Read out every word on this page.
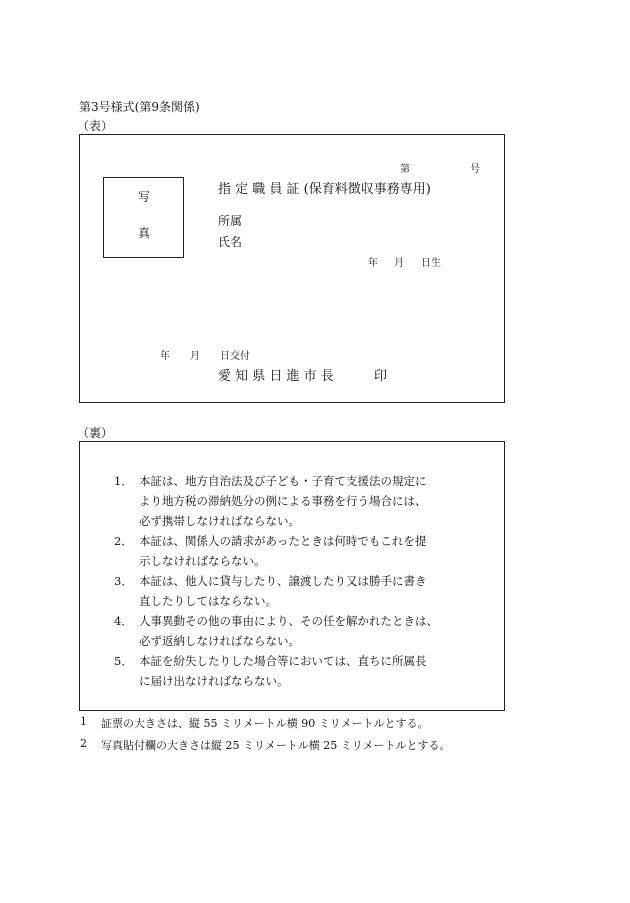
第3号様式(第9条関係)
（表）
第	号
写
真
指 定 職 員 証 (保育料徴収事務専用)
所属
氏名
年 月 日生
年 月 日交付
愛 知 県 日 進 市 長	印
（裏）
1． 本証は、地方自治法及び子ども・子育て支援法の規定に
より地方税の滞納処分の例による事務を行う場合には、
必ず携帯しなければならない。
2． 本証は、関係人の請求があったときは何時でもこれを提
示しなければならない。
3． 本証は、他人に貸与したり、譲渡したり又は勝手に書き
直したりしてはならない。
4． 人事異動その他の事由により、その任を解かれたときは、
必ず返納しなければならない。
5． 本証を紛失したりした場合等においては、直ちに所属長
に届け出なければならない。
1 証票の大きさは、縦 55 ミリメートル横 90 ミリメートルとする。
2 写真貼付欄の大きさは縦 25 ミリメートル横 25 ミリメートルとする。
